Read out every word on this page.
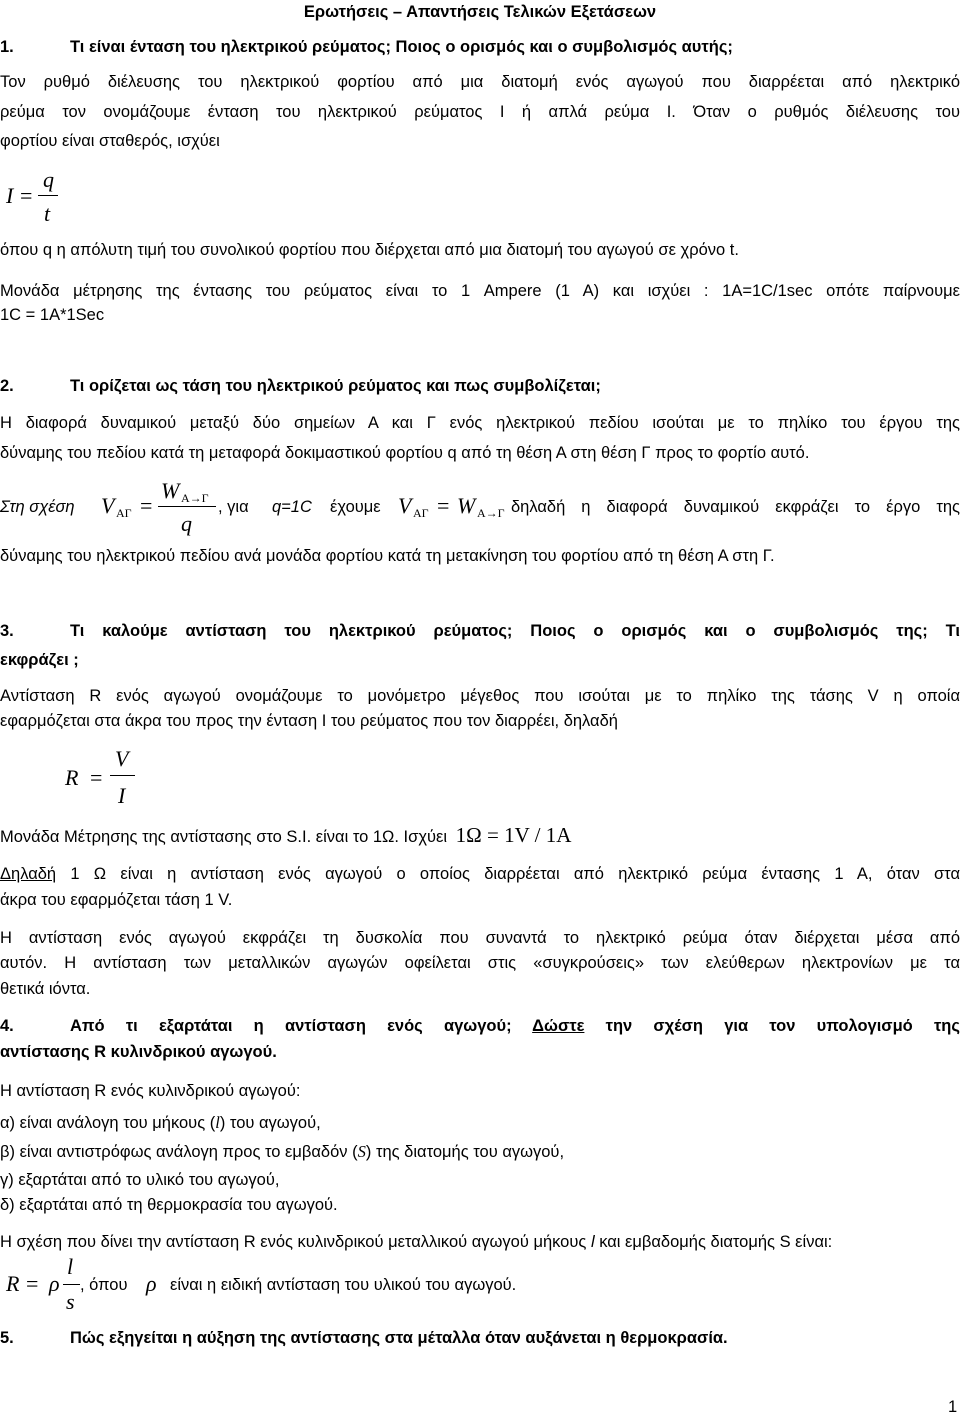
Ερωτήσεις – Απαντήσεις Τελικών Εξετάσεων
1.	Τι είναι ένταση του ηλεκτρικού ρεύματος; Ποιος ο ορισμός και ο συμβολισμός αυτής;
Τον ρυθμό διέλευσης του ηλεκτρικού φορτίου από μια διατομή ενός αγωγού που διαρρέεται από ηλεκτρικό
ρεύμα τον ονομάζουμε ένταση του ηλεκτρικού ρεύματος I ή απλά ρεύμα I. Όταν ο ρυθμός διέλευσης του
φορτίου είναι σταθερός, ισχύει
I =
q
t
όπου q η απόλυτη τιμή του συνολικού φορτίου που διέρχεται από μια διατομή του αγωγού σε χρόνο t.
Μονάδα μέτρησης της έντασης του ρεύματος είναι το 1 Ampere (1 A) και ισχύει : 1A=1C/1sec οπότε παίρνουμε
1C = 1A*1Sec
2.	Τι ορίζεται ως τάση του ηλεκτρικού ρεύματος και πως συμβολίζεται;
Η διαφορά δυναμικού μεταξύ δύο σημείων Α και Γ ενός ηλεκτρικού πεδίου ισούται με το πηλίκο του έργου της
δύναμης του πεδίου κατά τη μεταφορά δοκιμαστικού φορτίου q από τη θέση Α στη θέση Γ προς το φορτίο αυτό.
Στη σχέση V ΑΓ =
W A→Γ
q
, για q=1C έχουμε V ΑΓ = W A→Γ δηλαδή η διαφορά δυναμικού εκφράζει το έργο της
δύναμης του ηλεκτρικού πεδίου ανά μονάδα φορτίου κατά τη μετακίνηση του φορτίου από τη θέση Α στη Γ.
3.	Τι καλούμε αντίσταση του ηλεκτρικού ρεύματος; Ποιος ο ορισμός και ο συμβολισμός της; Τι
εκφράζει ;
Αντίσταση R ενός αγωγού ονομάζουμε το μονόμετρο μέγεθος που ισούται με το πηλίκο της τάσης V η οποία
εφαρμόζεται στα άκρα του προς την ένταση I του ρεύματος που τον διαρρέει, δηλαδή
R =
V
I
Μονάδα Μέτρησης της αντίστασης στο S.I. είναι το 1Ω. Ισχύει 1Ω = 1V / 1A
Δηλαδή 1 Ω είναι η αντίσταση ενός αγωγού ο οποίος διαρρέεται από ηλεκτρικό ρεύμα έντασης 1 Α, όταν στα
άκρα του εφαρμόζεται τάση 1 V.
Η αντίσταση ενός αγωγού εκφράζει τη δυσκολία που συναντά το ηλεκτρικό ρεύμα όταν διέρχεται μέσα από
αυτόν. Η αντίσταση των μεταλλικών αγωγών οφείλεται στις «συγκρούσεις» των ελεύθερων ηλεκτρονίων με τα
θετικά ιόντα.
4.	Από τι εξαρτάται η αντίσταση ενός αγωγού; Δώστε την σχέση για τον υπολογισμό της
αντίστασης R κυλινδρικού αγωγού.
Η αντίσταση R ενός κυλινδρικού αγωγού:
α) είναι ανάλογη του μήκους (l) του αγωγού,
β) είναι αντιστρόφως ανάλογη προς το εμβαδόν (S) της διατομής του αγωγού,
γ) εξαρτάται από το υλικό του αγωγού,
δ) εξαρτάται από τη θερμοκρασία του αγωγού.
Η σχέση που δίνει την αντίσταση R ενός κυλινδρικού μεταλλικού αγωγού μήκους l και εμβαδομής διατομής S είναι:
R = ρ
l
s
, όπου ρ είναι η ειδική αντίσταση του υλικού του αγωγού.
5.	Πώς εξηγείται η αύξηση της αντίστασης στα μέταλλα όταν αυξάνεται η θερμοκρασία.
1
